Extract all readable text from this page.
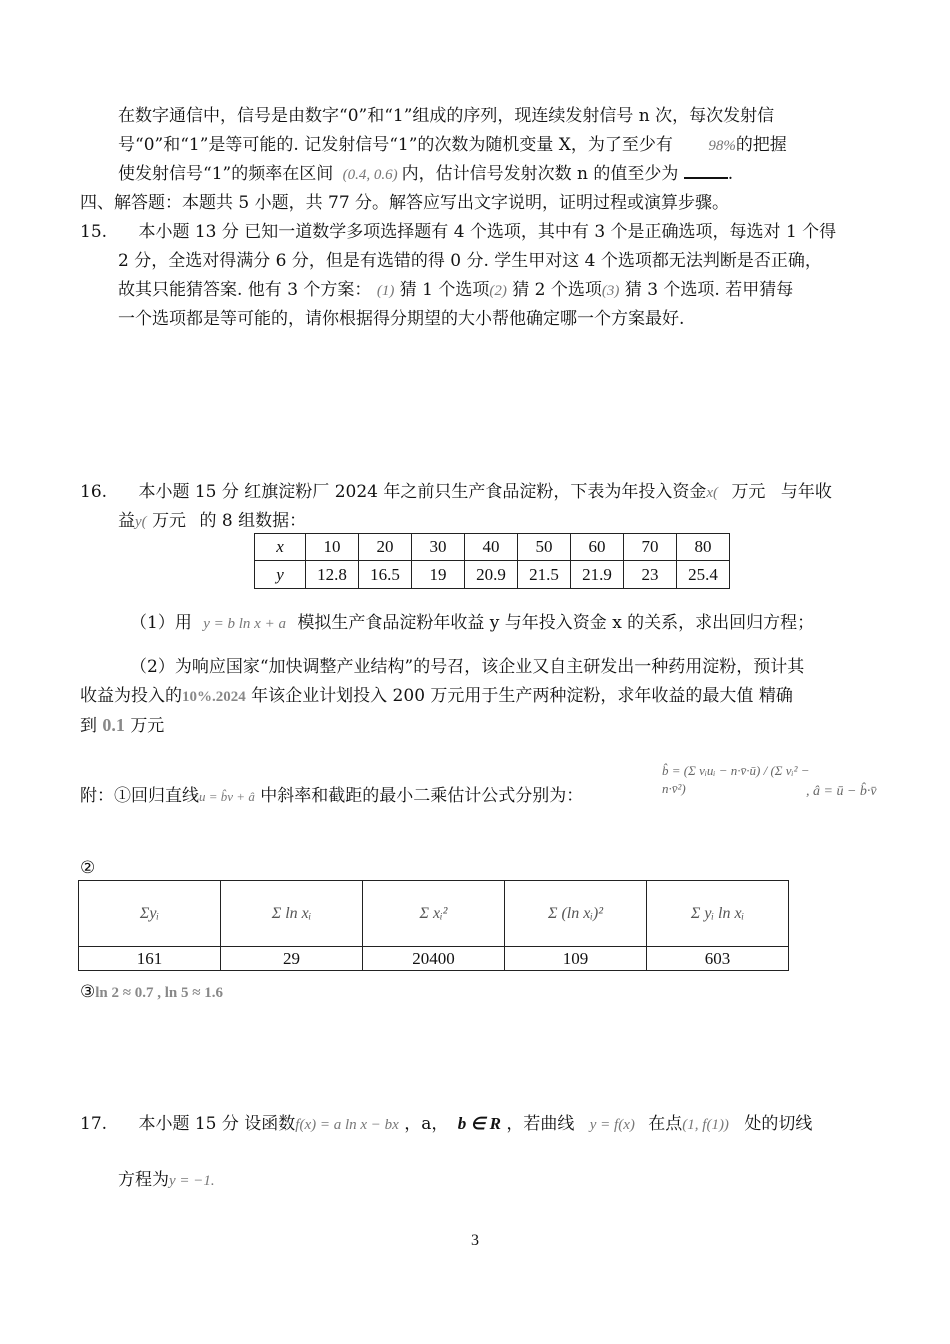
在数字通信中，信号是由数字“0”和“1”组成的序列，现连续发射信号 n 次，每次发射信
号“0”和“1”是等可能的. 记发射信号“1”的次数为随机变量 X，为了至少有 98%的把握
使发射信号“1”的频率在区间 (0.4, 0.6) 内，估计信号发射次数 n 的值至少为	.
四、解答题：本题共 5 小题，共 77 分。解答应写出文字说明，证明过程或演算步骤。
15. 本小题 13 分 已知一道数学多项选择题有 4 个选项，其中有 3 个是正确选项，每选对 1 个得
2 分，全选对得满分 6 分，但是有选错的得 0 分. 学生甲对这 4 个选项都无法判断是否正确，
故其只能猜答案. 他有 3 个方案： (1) 猜 1 个选项(2) 猜 2 个选项(3) 猜 3 个选项. 若甲猜每
一个选项都是等可能的，请你根据得分期望的大小帮他确定哪一个方案最好.
16. 本小题 15 分 红旗淀粉厂 2024 年之前只生产食品淀粉，下表为年投入资金x( 万元 与年收
益y( 万元 的 8 组数据：
x	10	20	30	40	50	60	70	80
y	12.8	16.5	19	20.9	21.5	21.9	23	25.4
（1）用 y = b ln x + a 模拟生产食品淀粉年收益 y 与年投入资金 x 的关系，求出回归方程；
（2）为响应国家“加快调整产业结构”的号召，该企业又自主研发出一种药用淀粉，预计其
收益为投入的10%.2024 年该企业计划投入 200 万元用于生产两种淀粉，求年收益的最大值 精确
到 0.1 万元
附：①回归直线u = b̂v + â 中斜率和截距的最小二乘估计公式分别为：
b̂ = (Σ vᵢuᵢ − n·v̄·ū) / (Σ vᵢ² − n·v̄²)	, â = ū − b̂·v̄
②
Σyᵢ	Σ ln xᵢ	Σ xᵢ²	Σ (ln xᵢ)²	Σ yᵢ ln xᵢ
161	29	20400	109	603
③ln 2 ≈ 0.7 , ln 5 ≈ 1.6
17. 本小题 15 分 设函数f(x) = a ln x − bx ，a， b ∈ R ，若曲线 y = f(x) 在点(1, f(1)) 处的切线
方程为y = −1.
3
